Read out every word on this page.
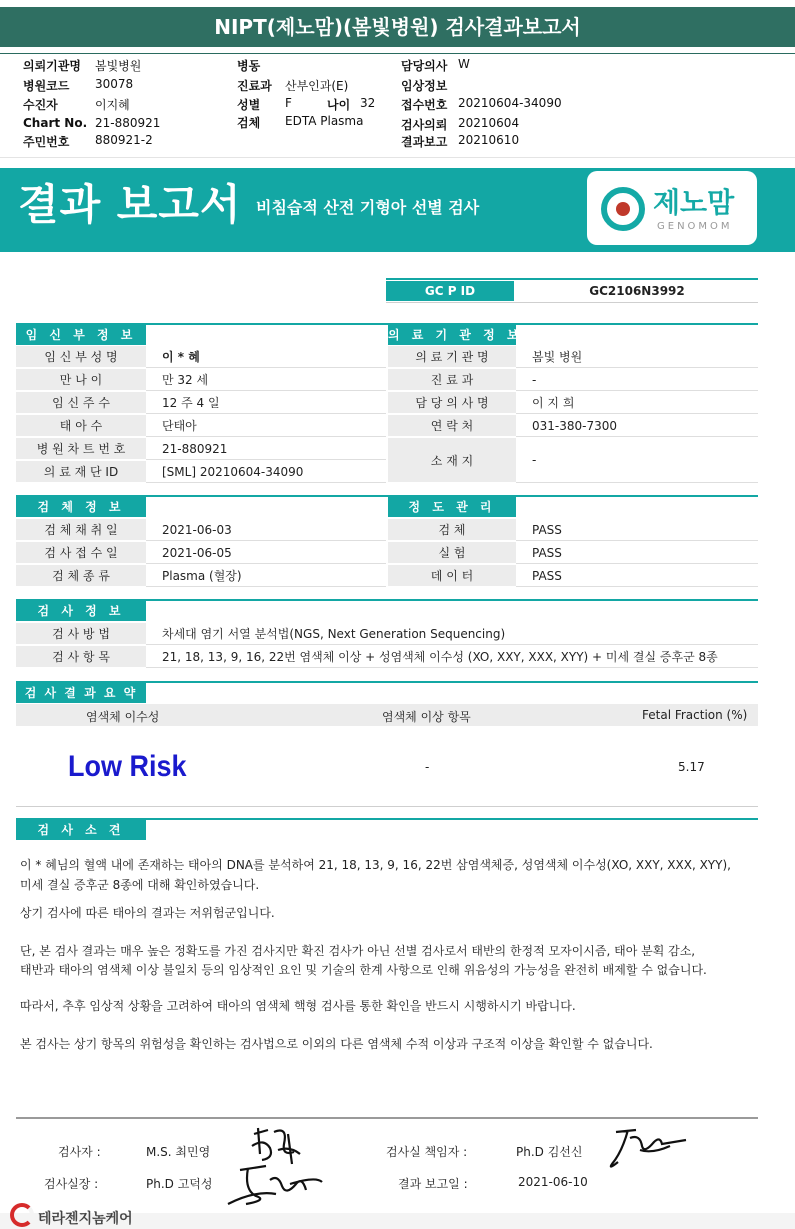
NIPT(제노맘)(봄빛병원) 검사결과보고서
의뢰기관명 봄빛병원
병원코드 30078
수진자	이지혜
Chart No. 21-880921
주민번호 880921-2
병동
진료과 산부인과(E)
성별 F	나이 32
검체 EDTA Plasma
담당의사 W
임상정보
접수번호 20210604-34090
검사의뢰 20210604
결과보고 20210610
결과 보고서 비침습적 산전 기형아 선별 검사	제노맘
GENOMOM
GC P ID	GC2106N3992
임 신 부 정 보
임 신 부 성 명	이 * 혜
만 나 이	만 32 세
임 신 주 수	12 주 4 일
태 아 수	단태아
병 원 차 트 번 호	21-880921
의 료 재 단 ID	[SML] 20210604-34090
의 료 기 관 정 보
의 료 기 관 명	봄빛 병원
진 료 과	-
담 당 의 사 명	이 지 희
연 락 처	031-380-7300
소 재 지	-
검 체 정 보
검 체 채 취 일	2021-06-03
검 사 접 수 일	2021-06-05
검 체 종 류	Plasma (혈장)
정 도 관 리
검 체	PASS
실 험	PASS
데 이 터	PASS
검 사 정 보
검 사 방 법	차세대 염기 서열 분석법(NGS, Next Generation Sequencing)
검 사 항 목	21, 18, 13, 9, 16, 22번 염색체 이상 + 성염색체 이수성 (XO, XXY, XXX, XYY) + 미세 결실 증후군 8종
검 사 결 과 요 약
염색체 이수성	염색체 이상 항목	Fetal Fraction (%)
Low Risk	-	5.17
검 사 소 견
이 * 혜님의 혈액 내에 존재하는 태아의 DNA를 분석하여 21, 18, 13, 9, 16, 22번 삼염색체증, 성염색체 이수성(XO, XXY, XXX, XYY),
미세 결실 증후군 8종에 대해 확인하였습니다.
상기 검사에 따른 태아의 결과는 저위험군입니다.
단, 본 검사 결과는 매우 높은 정확도를 가진 검사지만 확진 검사가 아닌 선별 검사로서 태반의 한정적 모자이시즘, 태아 분획 감소,
태반과 태아의 염색체 이상 불일치 등의 임상적인 요인 및 기술의 한계 사항으로 인해 위음성의 가능성을 완전히 배제할 수 없습니다.
따라서, 추후 임상적 상황을 고려하여 태아의 염색체 핵형 검사를 통한 확인을 반드시 시행하시기 바랍니다.
본 검사는 상기 항목의 위험성을 확인하는 검사법으로 이외의 다른 염색체 수적 이상과 구조적 이상을 확인할 수 없습니다.
검사자 :	M.S. 최민영
검사실장 :	Ph.D 고덕성
검사실 책임자 :	Ph.D 김선신
결과 보고일 :	2021-06-10
테라젠지놈케어
